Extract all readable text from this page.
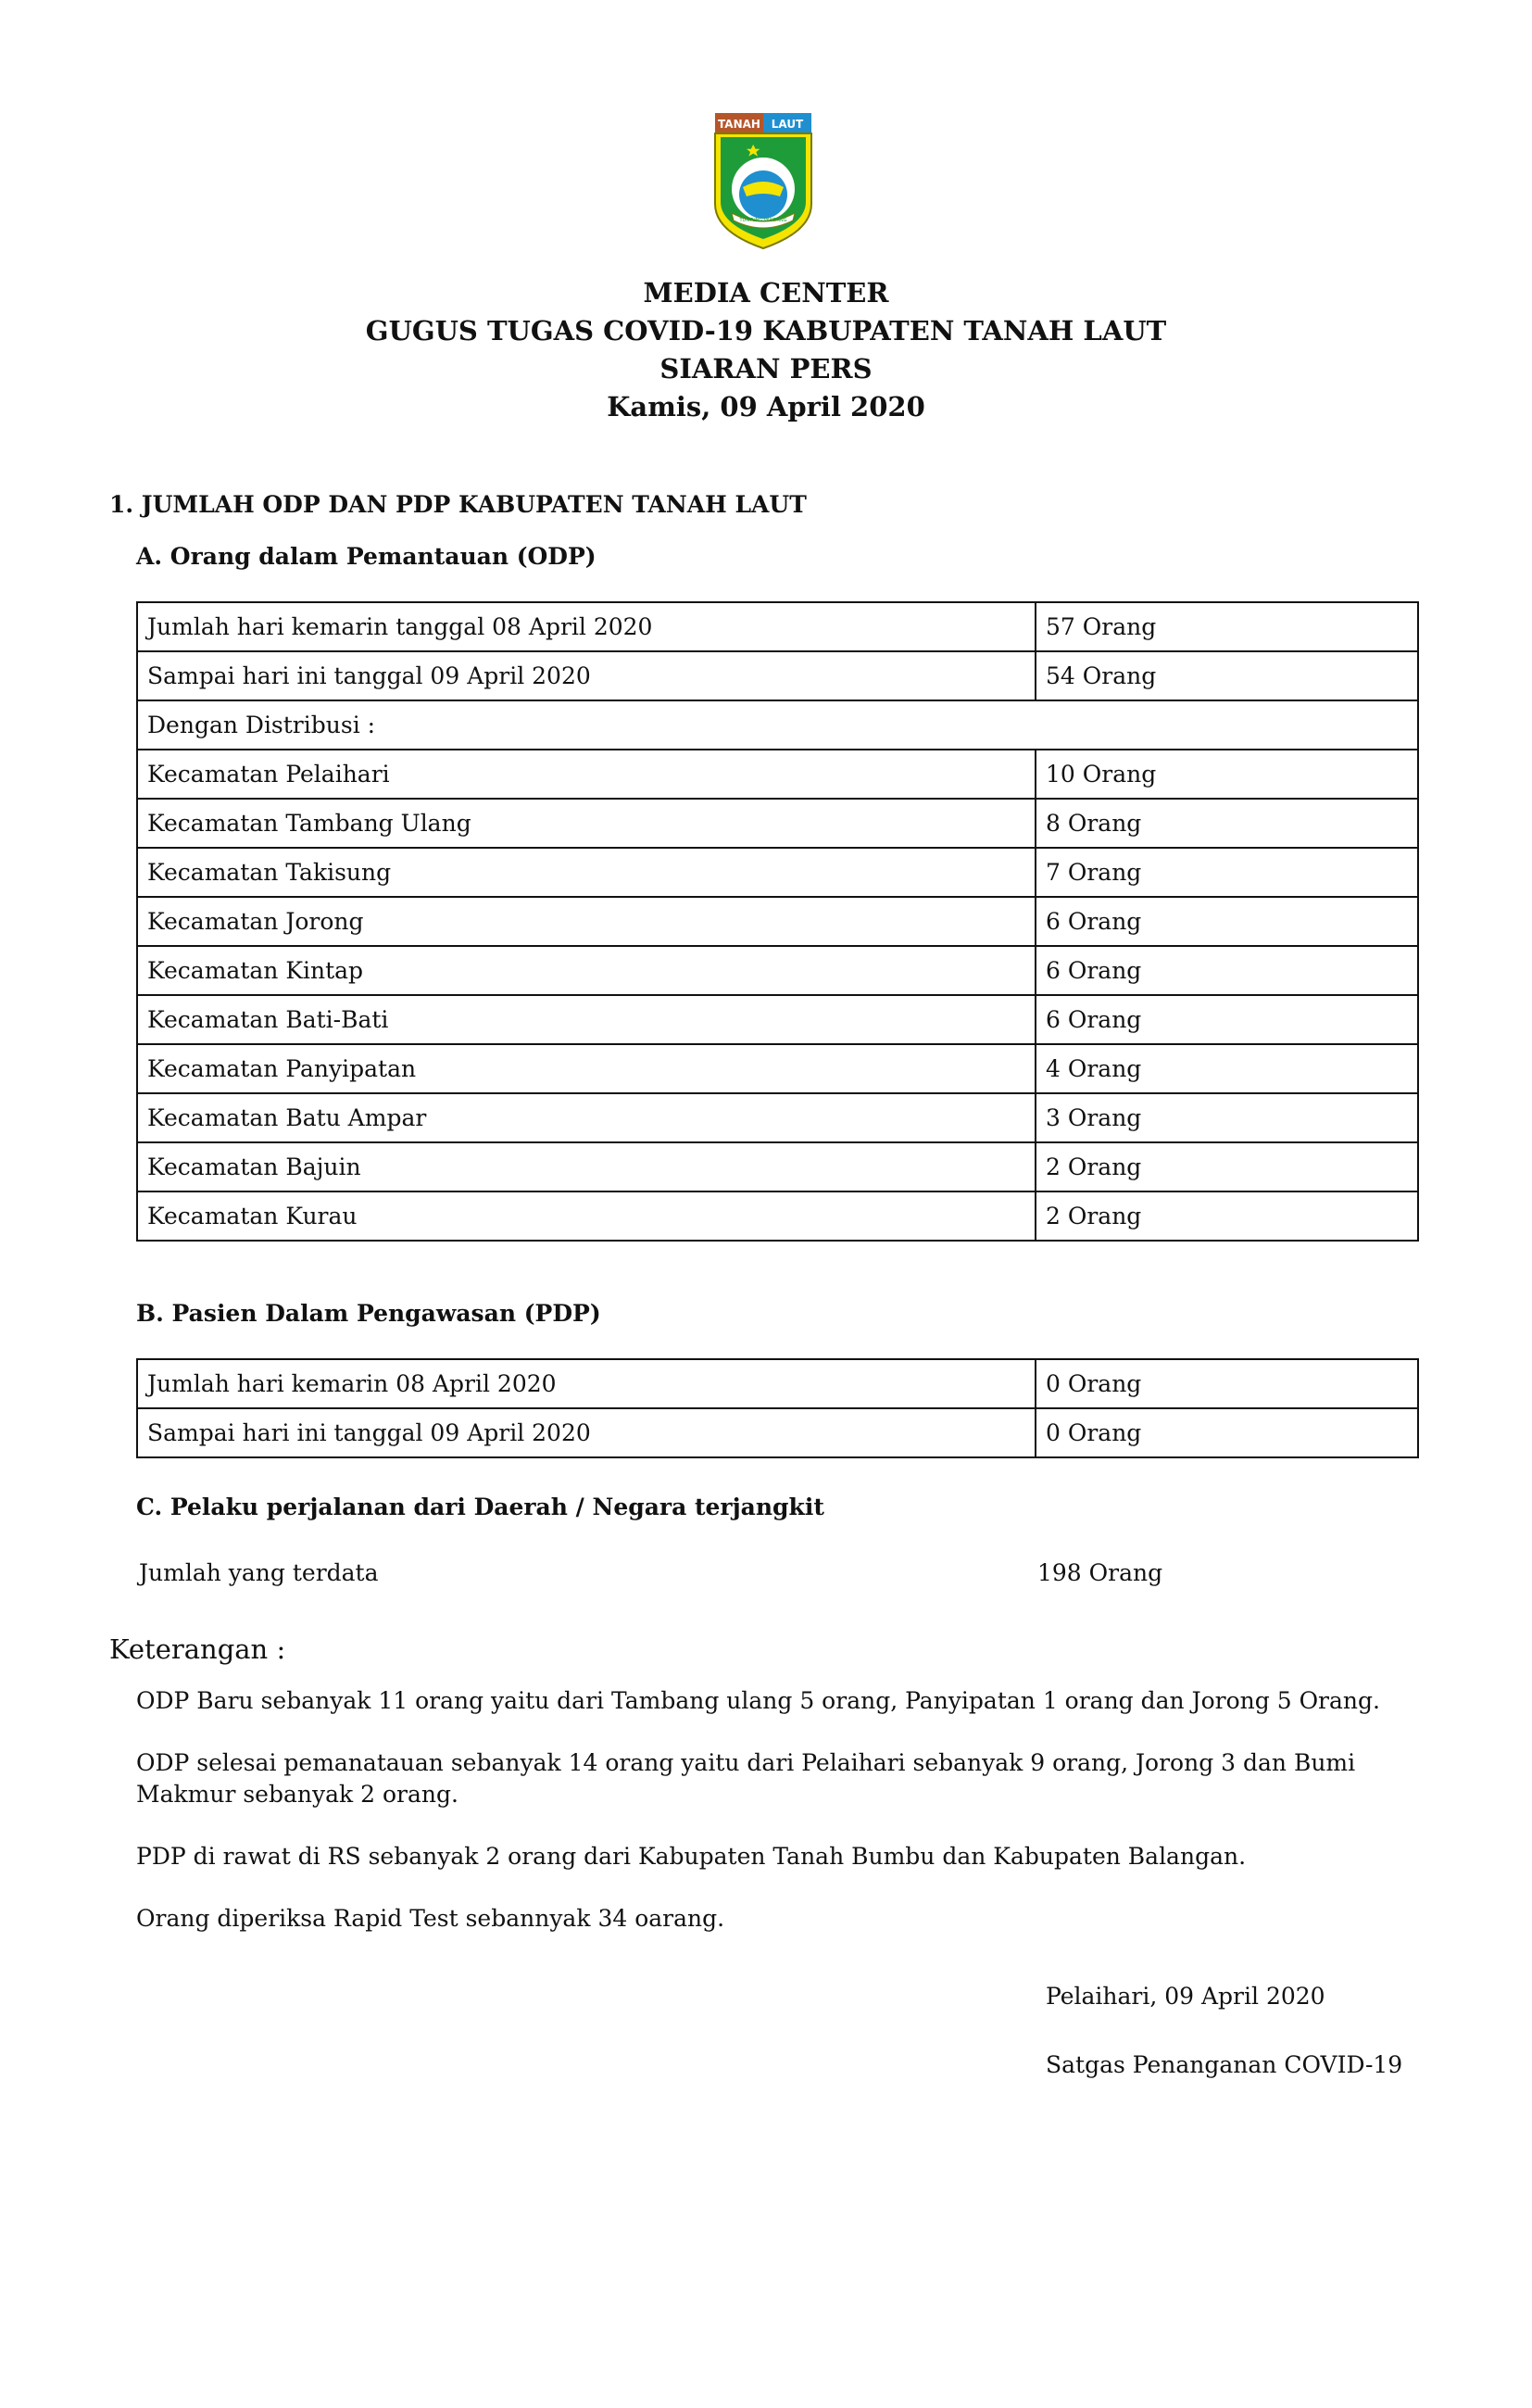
TANAH LAUT
TUNTUNG PANDANG
MEDIA CENTER
GUGUS TUGAS COVID-19 KABUPATEN TANAH LAUT
SIARAN PERS
Kamis, 09 April 2020
1. JUMLAH ODP DAN PDP KABUPATEN TANAH LAUT
A. Orang dalam Pemantauan (ODP)
Jumlah hari kemarin tanggal 08 April 2020	57 Orang
Sampai hari ini tanggal 09 April 2020	54 Orang
Dengan Distribusi :	
Kecamatan Pelaihari	10 Orang
Kecamatan Tambang Ulang	8 Orang
Kecamatan Takisung	7 Orang
Kecamatan Jorong	6 Orang
Kecamatan Kintap	6 Orang
Kecamatan Bati-Bati	6 Orang
Kecamatan Panyipatan	4 Orang
Kecamatan Batu Ampar	3 Orang
Kecamatan Bajuin	2 Orang
Kecamatan Kurau	2 Orang
B. Pasien Dalam Pengawasan (PDP)
Jumlah hari kemarin 08 April 2020	0 Orang
Sampai hari ini tanggal 09 April 2020	0 Orang
C. Pelaku perjalanan dari Daerah / Negara terjangkit
Jumlah yang terdata	198 Orang
Keterangan :
ODP Baru sebanyak 11 orang yaitu dari Tambang ulang 5 orang, Panyipatan 1 orang dan Jorong 5 Orang.
ODP selesai pemanatauan sebanyak 14 orang yaitu dari Pelaihari sebanyak 9 orang, Jorong 3 dan Bumi Makmur sebanyak 2 orang.
PDP di rawat di RS sebanyak 2 orang dari Kabupaten Tanah Bumbu dan Kabupaten Balangan.
Orang diperiksa Rapid Test sebannyak 34 oarang.
Pelaihari, 09 April 2020
Satgas Penanganan COVID-19
